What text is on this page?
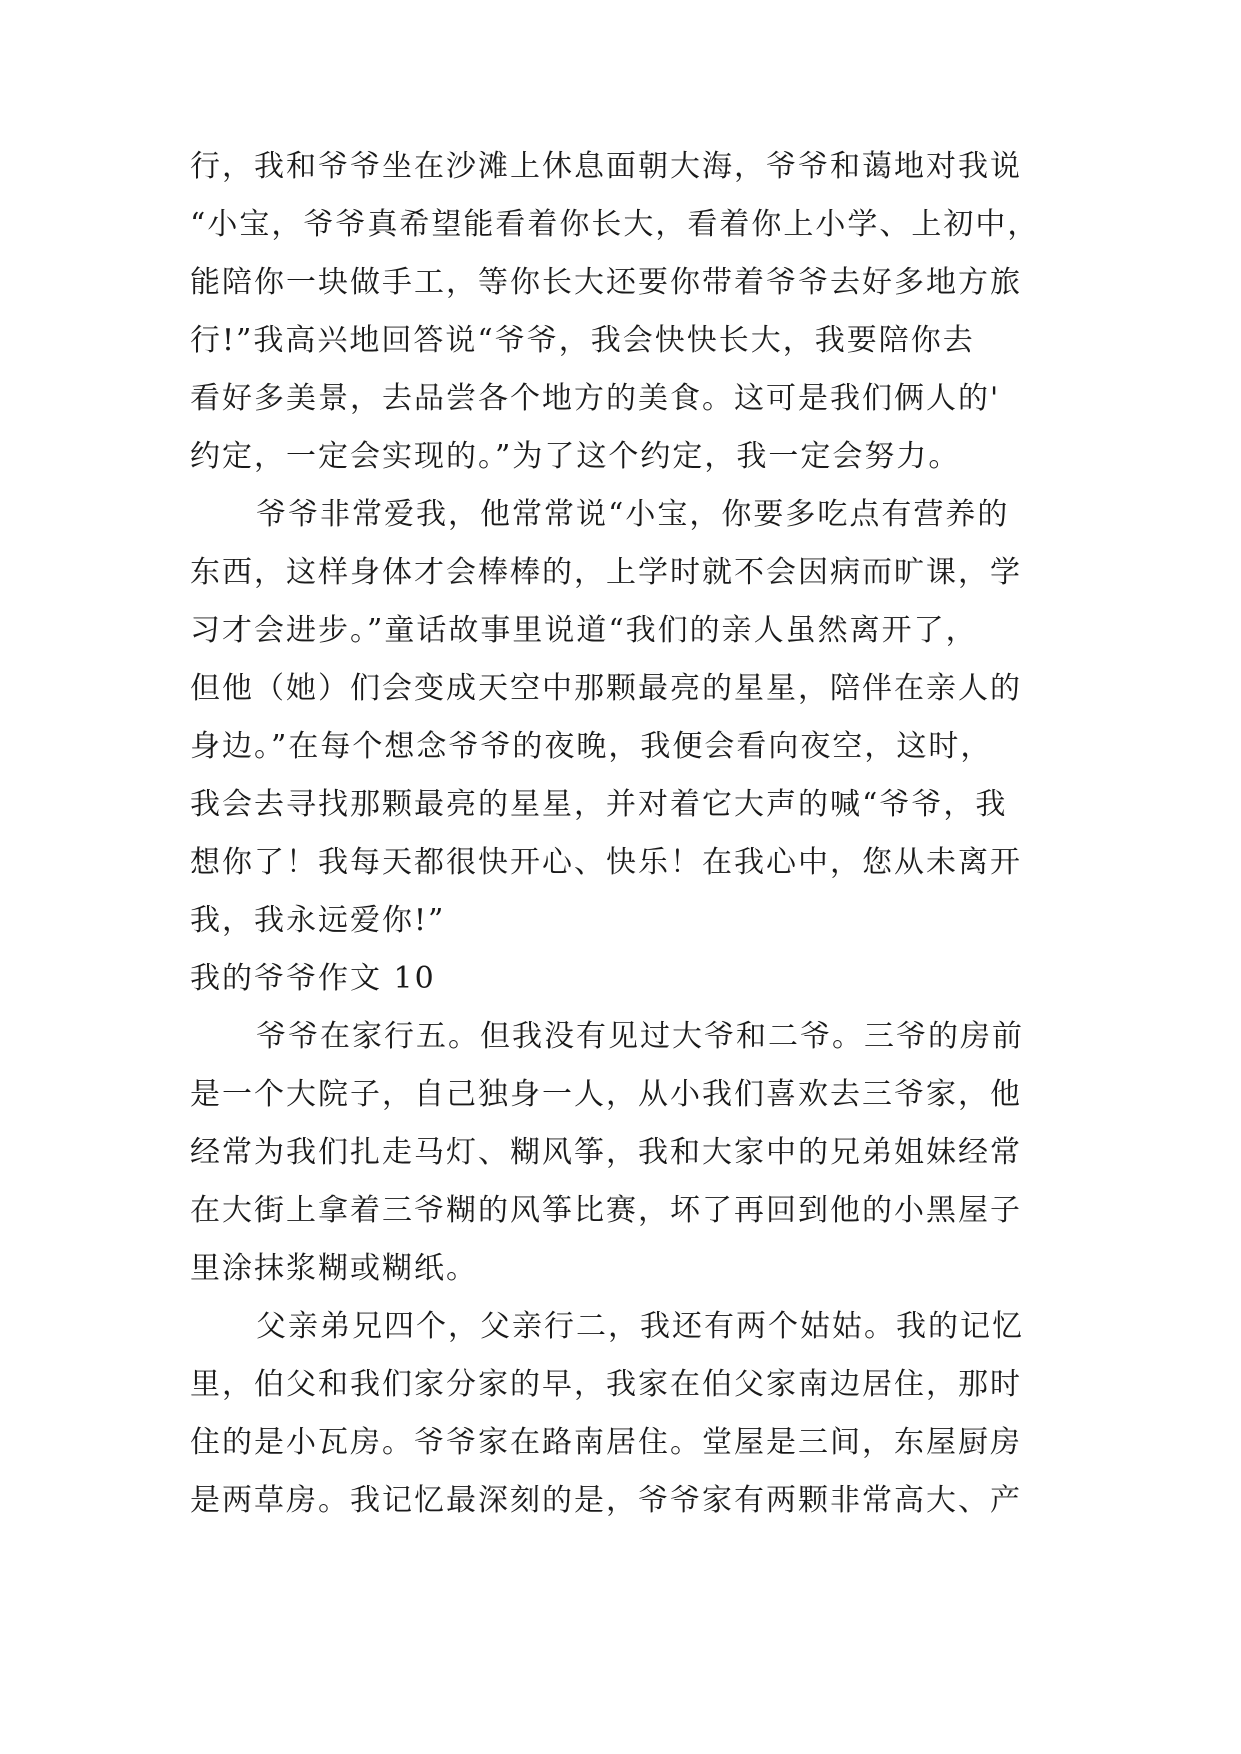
行，我和爷爷坐在沙滩上休息面朝大海，爷爷和蔼地对我说
“小宝，爷爷真希望能看着你长大，看着你上小学、上初中，
能陪你一块做手工，等你长大还要你带着爷爷去好多地方旅
行!”我高兴地回答说“爷爷，我会快快长大，我要陪你去
看好多美景，去品尝各个地方的美食。这可是我们俩人的'
约定，一定会实现的。”为了这个约定，我一定会努力。
爷爷非常爱我，他常常说“小宝，你要多吃点有营养的
东西，这样身体才会棒棒的，上学时就不会因病而旷课，学
习才会进步。”童话故事里说道“我们的亲人虽然离开了，
但他（她）们会变成天空中那颗最亮的星星，陪伴在亲人的
身边。”在每个想念爷爷的夜晚，我便会看向夜空，这时，
我会去寻找那颗最亮的星星，并对着它大声的喊“爷爷，我
想你了！我每天都很快开心、快乐！在我心中，您从未离开
我，我永远爱你!”
我的爷爷作文 10
爷爷在家行五。但我没有见过大爷和二爷。三爷的房前
是一个大院子，自己独身一人，从小我们喜欢去三爷家，他
经常为我们扎走马灯、糊风筝，我和大家中的兄弟姐妹经常
在大街上拿着三爷糊的风筝比赛，坏了再回到他的小黑屋子
里涂抹浆糊或糊纸。
父亲弟兄四个，父亲行二，我还有两个姑姑。我的记忆
里，伯父和我们家分家的早，我家在伯父家南边居住，那时
住的是小瓦房。爷爷家在路南居住。堂屋是三间，东屋厨房
是两草房。我记忆最深刻的是，爷爷家有两颗非常高大、产
